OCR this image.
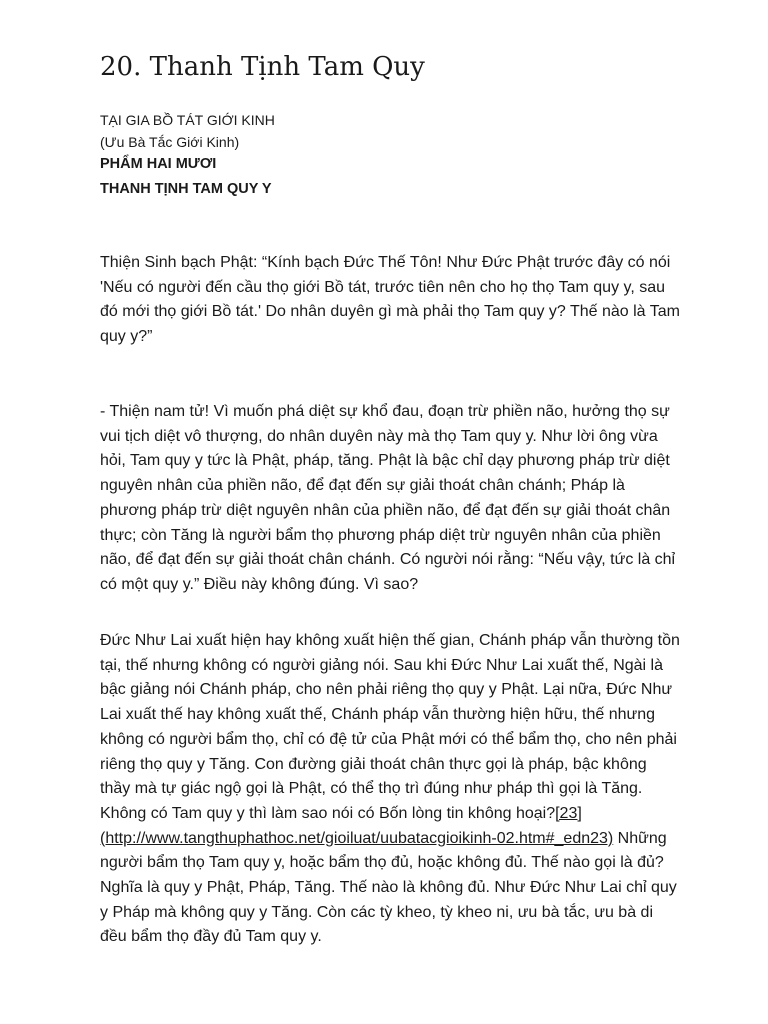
20. Thanh Tịnh Tam Quy
TẠI GIA BỒ TÁT GIỚI KINH
(Ưu Bà Tắc Giới Kinh)
PHẨM HAI MƯƠI
THANH TỊNH TAM QUY Y

Thiện Sinh bạch Phật: “Kính bạch Đức Thế Tôn! Như Đức Phật trước đây có nói 'Nếu có người đến cầu thọ giới Bồ tát, trước tiên nên cho họ thọ Tam quy y, sau đó mới thọ giới Bồ tát.' Do nhân duyên gì mà phải thọ Tam quy y? Thế nào là Tam quy y?”

- Thiện nam tử! Vì muốn phá diệt sự khổ đau, đoạn trừ phiền não, hưởng thọ sự vui tịch diệt vô thượng, do nhân duyên này mà thọ Tam quy y. Như lời ông vừa hỏi, Tam quy y tức là Phật, pháp, tăng. Phật là bậc chỉ dạy phương pháp trừ diệt nguyên nhân của phiền não, để đạt đến sự giải thoát chân chánh; Pháp là phương pháp trừ diệt nguyên nhân của phiền não, để đạt đến sự giải thoát chân thực; còn Tăng là người bẩm thọ phương pháp diệt trừ nguyên nhân của phiền não, để đạt đến sự giải thoát chân chánh. Có người nói rằng: “Nếu vậy, tức là chỉ có một quy y.” Điều này không đúng. Vì sao?

Đức Như Lai xuất hiện hay không xuất hiện thế gian, Chánh pháp vẫn thường tồn tại, thế nhưng không có người giảng nói. Sau khi Đức Như Lai xuất thế, Ngài là bậc giảng nói Chánh pháp, cho nên phải riêng thọ quy y Phật. Lại nữa, Đức Như Lai xuất thế hay không xuất thế, Chánh pháp vẫn thường hiện hữu, thế nhưng không có người bẩm thọ, chỉ có đệ tử của Phật mới có thể bẩm thọ, cho nên phải riêng thọ quy y Tăng. Con đường giải thoát chân thực gọi là pháp, bậc không thầy mà tự giác ngộ gọi là Phật, có thể thọ trì đúng như pháp thì gọi là Tăng. Không có Tam quy y thì làm sao nói có Bốn lòng tin không hoại?[23](http://www.tangthuphathoc.net/gioiluat/uubatacgioikinh-02.htm#_edn23) Những người bẩm thọ Tam quy y, hoặc bẩm thọ đủ, hoặc không đủ. Thế nào gọi là đủ? Nghĩa là quy y Phật, Pháp, Tăng. Thế nào là không đủ. Như Đức Như Lai chỉ quy y Pháp mà không quy y Tăng. Còn các tỳ kheo, tỳ kheo ni, ưu bà tắc, ưu bà di đều bẩm thọ đầy đủ Tam quy y.
